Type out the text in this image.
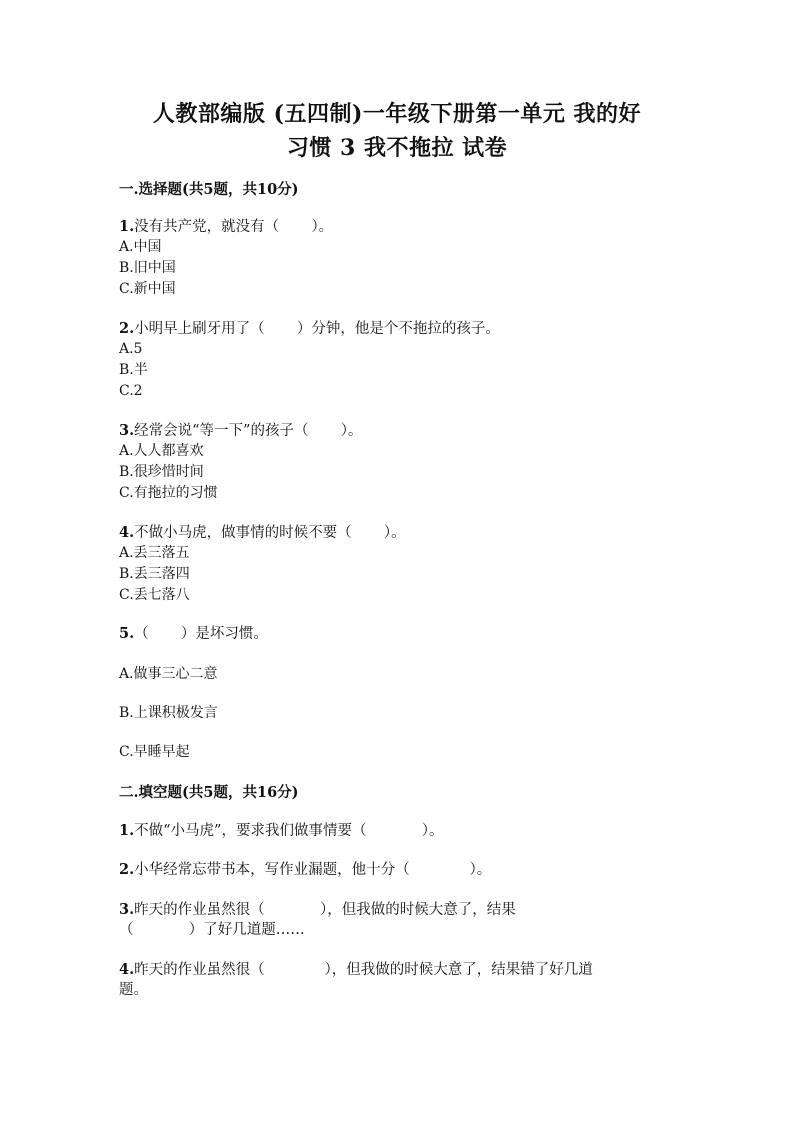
人教部编版 (五四制)一年级下册第一单元 我的好
习惯 3 我不拖拉 试卷
一.选择题(共5题，共10分)
1.没有共产党，就没有（       ）。
A.中国
B.旧中国
C.新中国
2.小明早上刷牙用了（       ）分钟，他是个不拖拉的孩子。
A.5
B.半
C.2
3.经常会说“等一下”的孩子（       ）。
A.人人都喜欢
B.很珍惜时间
C.有拖拉的习惯
4.不做小马虎，做事情的时候不要（       ）。
A.丢三落五
B.丢三落四
C.丢七落八
5.（       ）是坏习惯。
A.做事三心二意
B.上课积极发言
C.早睡早起
二.填空题(共5题，共16分)
1.不做“小马虎”，要求我们做事情要（            ）。
2.小华经常忘带书本，写作业漏题，他十分（             ）。
3.昨天的作业虽然很（            ），但我做的时候大意了，结果
（            ）了好几道题……
4.昨天的作业虽然很（             ），但我做的时候大意了，结果错了好几道
题。
